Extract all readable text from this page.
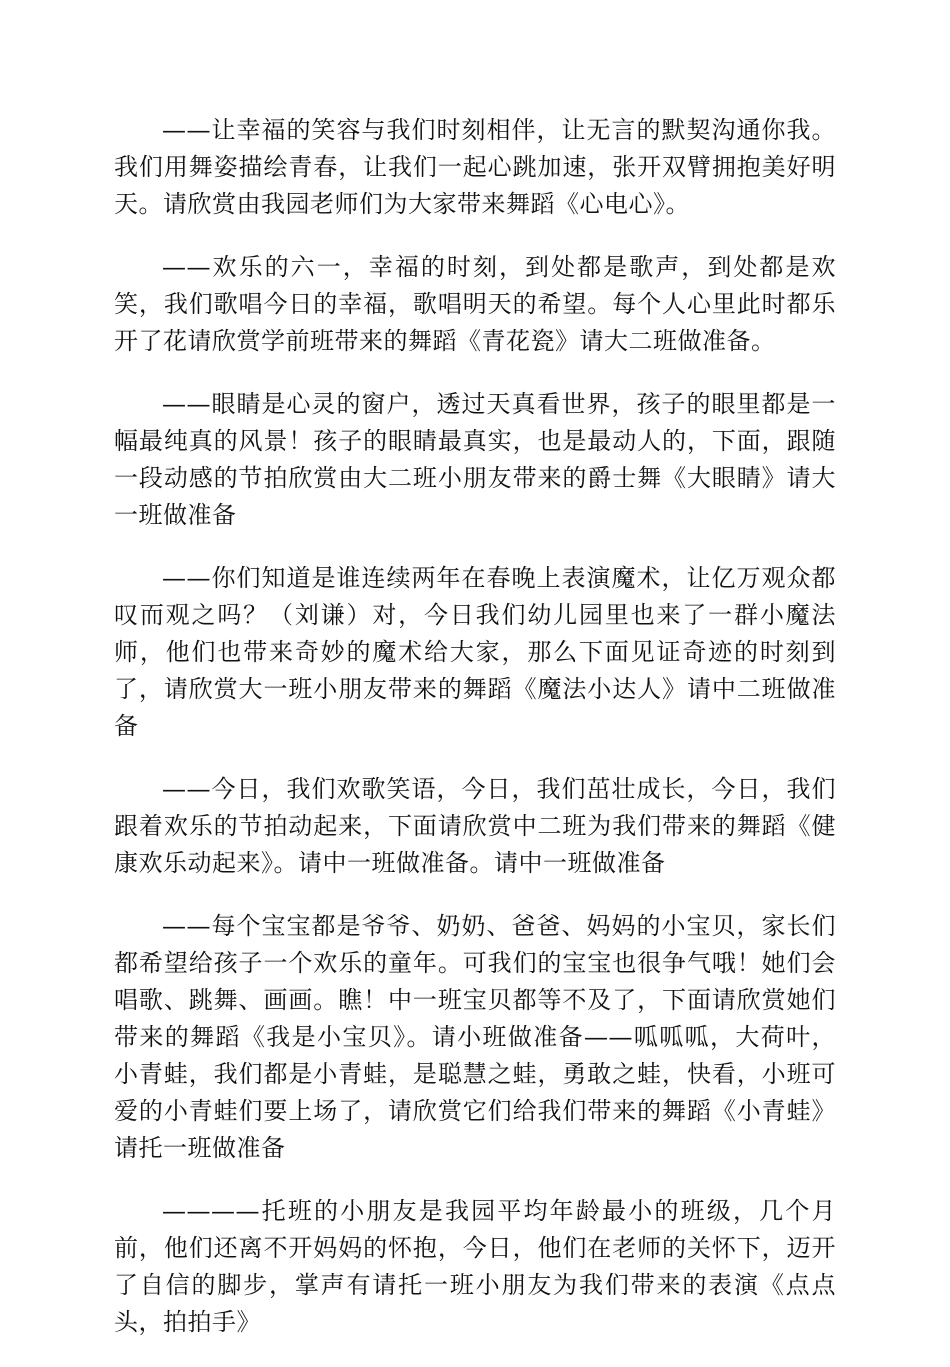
——让幸福的笑容与我们时刻相伴，让无言的默契沟通你我。我们用舞姿描绘青春，让我们一起心跳加速，张开双臂拥抱美好明天。请欣赏由我园老师们为大家带来舞蹈《心电心》。

——欢乐的六一，幸福的时刻，到处都是歌声，到处都是欢笑，我们歌唱今日的幸福，歌唱明天的希望。每个人心里此时都乐开了花请欣赏学前班带来的舞蹈《青花瓷》请大二班做准备。

——眼睛是心灵的窗户，透过天真看世界，孩子的眼里都是一幅最纯真的风景！孩子的眼睛最真实，也是最动人的，下面，跟随一段动感的节拍欣赏由大二班小朋友带来的爵士舞《大眼睛》请大一班做准备

——你们知道是谁连续两年在春晚上表演魔术，让亿万观众都叹而观之吗？（刘谦）对，今日我们幼儿园里也来了一群小魔法师，他们也带来奇妙的魔术给大家，那么下面见证奇迹的时刻到了，请欣赏大一班小朋友带来的舞蹈《魔法小达人》请中二班做准备

——今日，我们欢歌笑语，今日，我们茁壮成长，今日，我们跟着欢乐的节拍动起来，下面请欣赏中二班为我们带来的舞蹈《健康欢乐动起来》。请中一班做准备。请中一班做准备

——每个宝宝都是爷爷、奶奶、爸爸、妈妈的小宝贝，家长们都希望给孩子一个欢乐的童年。可我们的宝宝也很争气哦！她们会唱歌、跳舞、画画。瞧！中一班宝贝都等不及了，下面请欣赏她们带来的舞蹈《我是小宝贝》。请小班做准备——呱呱呱，大荷叶，小青蛙，我们都是小青蛙，是聪慧之蛙，勇敢之蛙，快看，小班可爱的小青蛙们要上场了，请欣赏它们给我们带来的舞蹈《小青蛙》请托一班做准备

————托班的小朋友是我园平均年龄最小的班级，几个月前，他们还离不开妈妈的怀抱，今日，他们在老师的关怀下，迈开了自信的脚步，掌声有请托一班小朋友为我们带来的表演《点点头，拍拍手》
